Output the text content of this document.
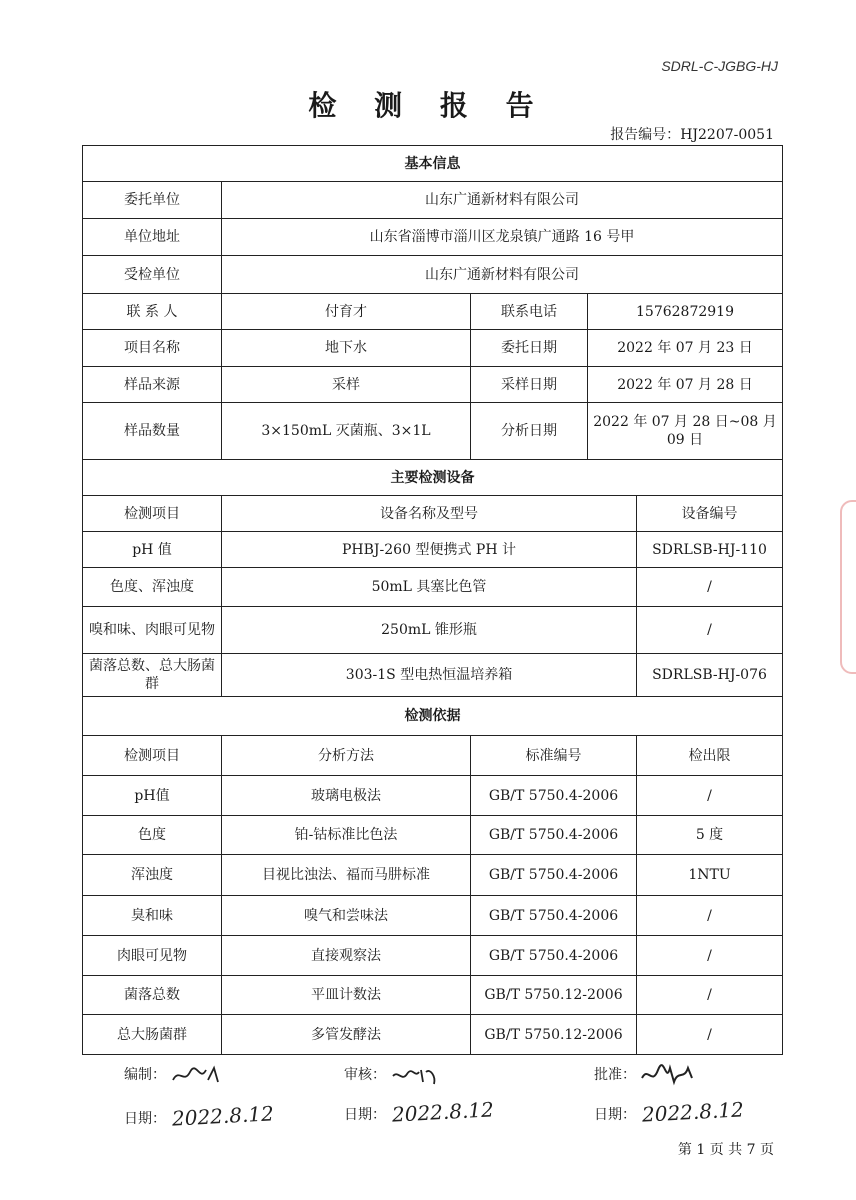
SDRL-C-JGBG-HJ
检 测 报 告
报告编号：HJ2207-0051
基本信息				
委托单位	山东广通新材料有限公司			
单位地址	山东省淄博市淄川区龙泉镇广通路 16 号甲			
受检单位	山东广通新材料有限公司			
联 系 人	付育才	联系电话	15762872919	
项目名称	地下水	委托日期	2022 年 07 月 23 日	
样品来源	采样	采样日期	2022 年 07 月 28 日	
样品数量	3×150mL 灭菌瓶、3×1L	分析日期	2022 年 07 月 28 日~08 月 09 日	
主要检测设备				
检测项目	设备名称及型号			设备编号
pH 值	PHBJ-260 型便携式 PH 计			SDRLSB-HJ-110
色度、浑浊度	50mL 具塞比色管			/
嗅和味、肉眼可见物	250mL 锥形瓶			/
菌落总数、总大肠菌群	303-1S 型电热恒温培养箱			SDRLSB-HJ-076
检测依据				
检测项目	分析方法	标准编号		检出限
pH值	玻璃电极法	GB/T 5750.4-2006		/
色度	铂-钴标准比色法	GB/T 5750.4-2006		5 度
浑浊度	目视比浊法、福而马肼标准	GB/T 5750.4-2006		1NTU
臭和味	嗅气和尝味法	GB/T 5750.4-2006		/
肉眼可见物	直接观察法	GB/T 5750.4-2006		/
菌落总数	平皿计数法	GB/T 5750.12-2006		/
总大肠菌群	多管发酵法	GB/T 5750.12-2006		/
编制：	审核：	批准：
日期： 2022.8.12	日期： 2022.8.12	日期： 2022.8.12
第 1 页 共 7 页
